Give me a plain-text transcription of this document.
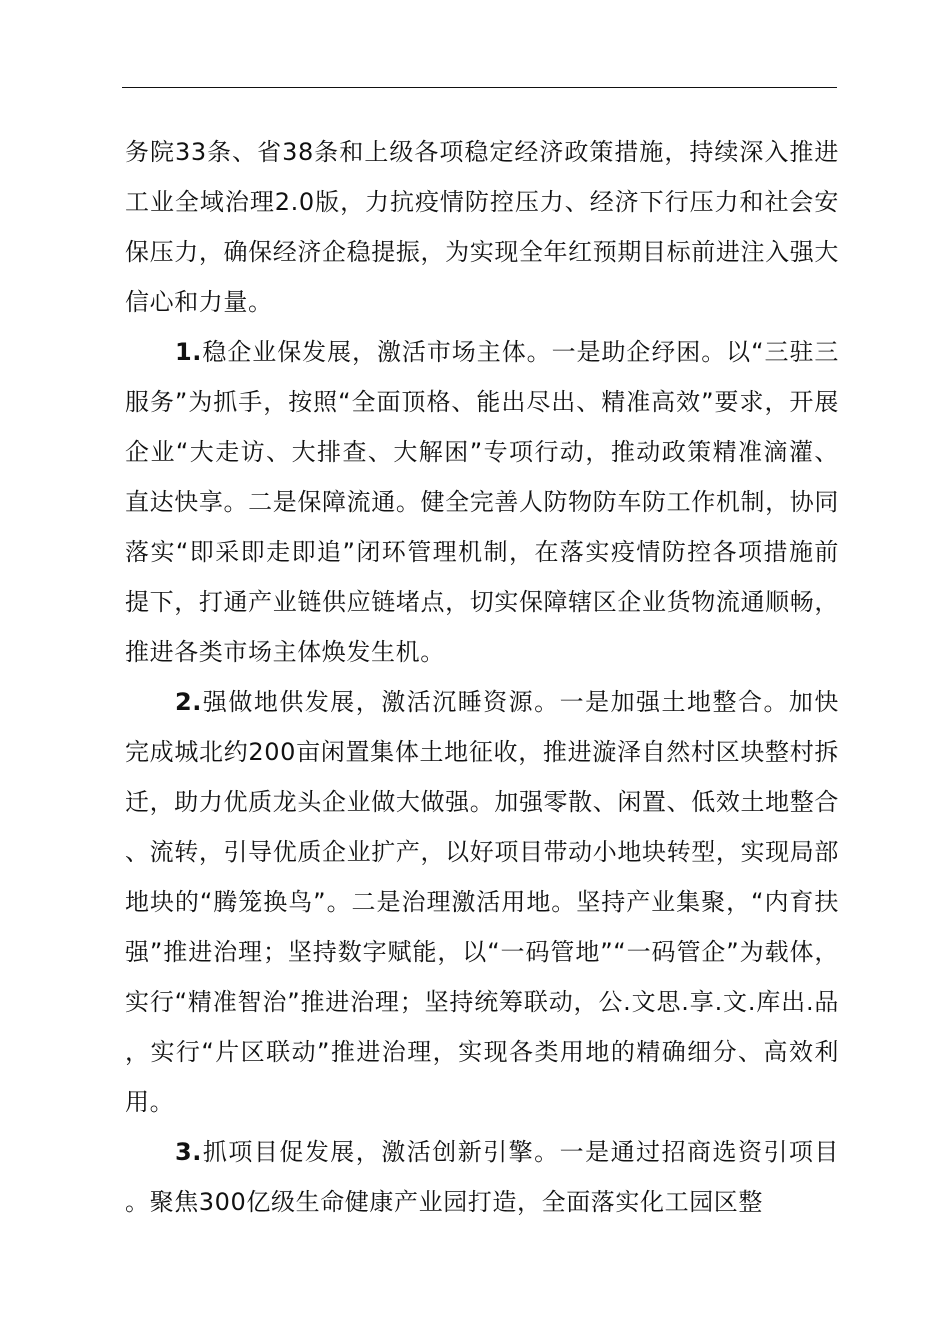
务院33条、省38条和上级各项稳定经济政策措施，持续深入推进工业全域治理2.0版，力抗疫情防控压力、经济下行压力和社会安保压力，确保经济企稳提振，为实现全年红预期目标前进注入强大信心和力量。

1.稳企业保发展，激活市场主体。一是助企纾困。以“三驻三服务”为抓手，按照“全面顶格、能出尽出、精准高效”要求，开展企业“大走访、大排查、大解困”专项行动，推动政策精准滴灌、直达快享。二是保障流通。健全完善人防物防车防工作机制，协同落实“即采即走即追”闭环管理机制，在落实疫情防控各项措施前提下，打通产业链供应链堵点，切实保障辖区企业货物流通顺畅，推进各类市场主体焕发生机。

2.强做地供发展，激活沉睡资源。一是加强土地整合。加快完成城北约200亩闲置集体土地征收，推进漩泽自然村区块整村拆迁，助力优质龙头企业做大做强。加强零散、闲置、低效土地整合、流转，引导优质企业扩产，以好项目带动小地块转型，实现局部地块的“腾笼换鸟”。二是治理激活用地。坚持产业集聚，“内育扶强”推进治理；坚持数字赋能，以“一码管地”“一码管企”为载体，实行“精准智治”推进治理；坚持统筹联动，公.文思.享.文.库出.品，实行“片区联动”推进治理，实现各类用地的精确细分、高效利用。

3.抓项目促发展，激活创新引擎。一是通过招商选资引项目。聚焦300亿级生命健康产业园打造，全面落实化工园区整
